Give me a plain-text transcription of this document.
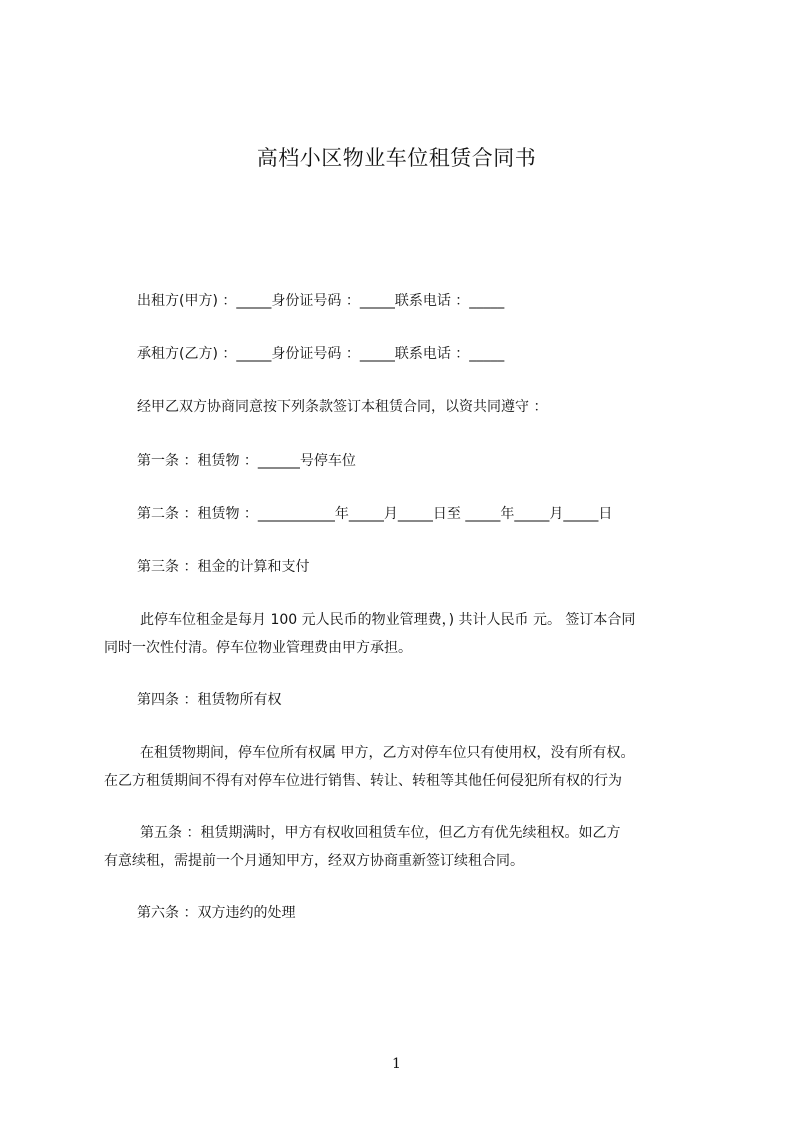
高档小区物业车位租赁合同书
出租方(甲方) ：_____身份证号码 ：_____联系电话 ：_____
承租方(乙方) ：_____身份证号码 ：_____联系电话 ：_____
经甲乙双方协商同意按下列条款签订本租赁合同，以资共同遵守 ：
第一条 ：租赁物 ：______号停车位
第二条 ：租赁物 ：___________年_____月_____日至 _____年_____月_____日
第三条 ：租金的计算和支付

此停车位租金是每月 100 元人民币的物业管理费，) 共计人民币 元。 签订本合同

同时一次性付清。停车位物业管理费由甲方承担。

第四条 ：租赁物所有权

在租赁物期间，停车位所有权属 甲方，乙方对停车位只有使用权，没有所有权。

在乙方租赁期间不得有对停车位进行销售、转让、转租等其他任何侵犯所有权的行为

第五条 ：租赁期满时，甲方有权收回租赁车位，但乙方有优先续租权。如乙方

有意续租，需提前一个月通知甲方，经双方协商重新签订续租合同。

第六条 ：双方违约的处理
1
